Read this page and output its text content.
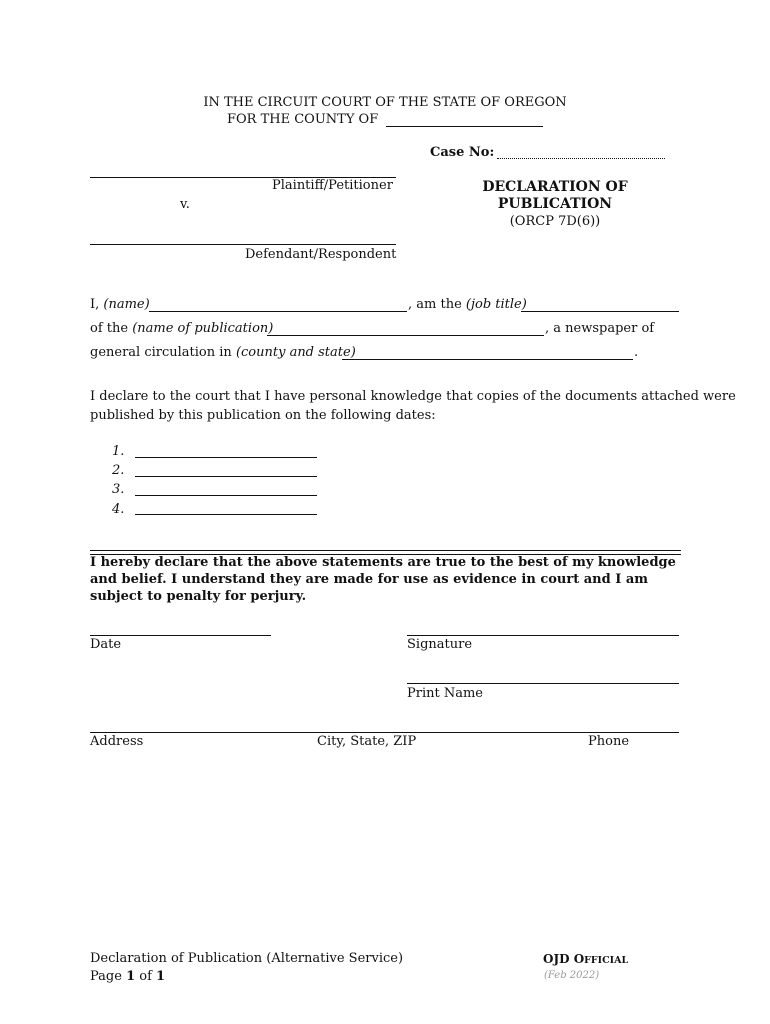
IN THE CIRCUIT COURT OF THE STATE OF OREGON
FOR THE COUNTY OF
Case No:
Plaintiff/Petitioner
v.
Defendant/Respondent
DECLARATION OF
PUBLICATION
(ORCP 7D(6))
I, (name)	, am the (job title)
of the (name of publication)	, a newspaper of
general circulation in (county and state)	.
I declare to the court that I have personal knowledge that copies of the documents attached were
published by this publication on the following dates:
1.
2.
3.
4.
I hereby declare that the above statements are true to the best of my knowledge
and belief. I understand they are made for use as evidence in court and I am
subject to penalty for perjury.
Date	Signature
Print Name
Address	City, State, ZIP	Phone
Declaration of Publication (Alternative Service)
Page 1 of 1
OJD OFFICIAL
(Feb 2022)
